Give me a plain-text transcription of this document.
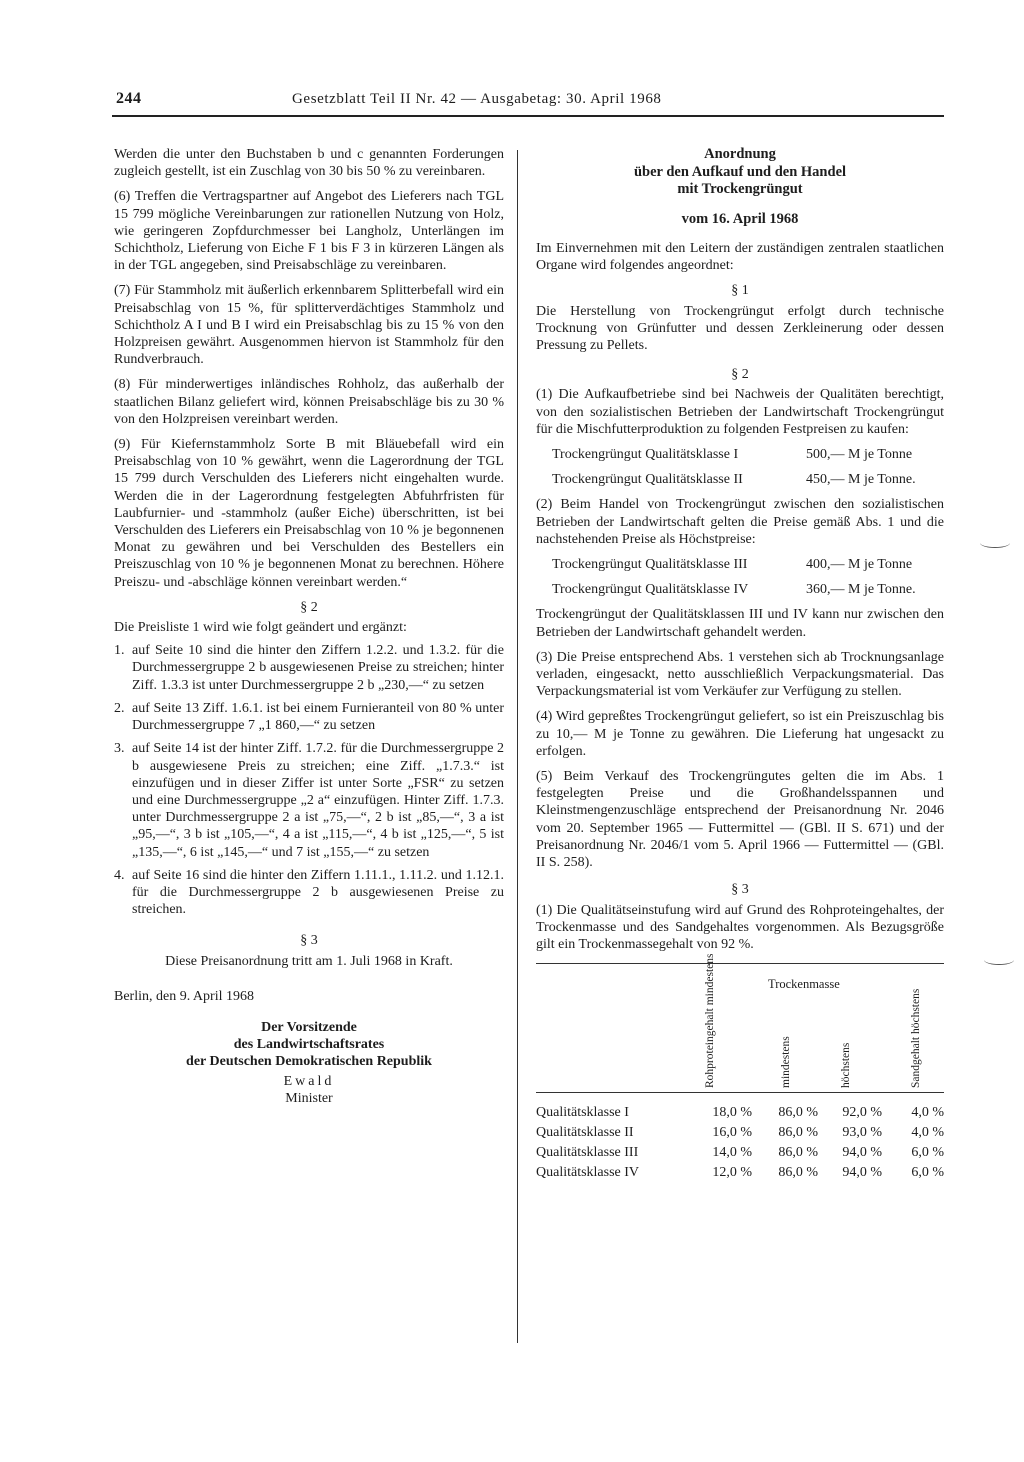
244	Gesetzblatt Teil II Nr. 42 — Ausgabetag: 30. April 1968

Werden die unter den Buchstaben b und c genannten Forderungen zugleich gestellt, ist ein Zuschlag von 30 bis 50 % zu vereinbaren.

(6) Treffen die Vertragspartner auf Angebot des Lieferers nach TGL 15 799 mögliche Vereinbarungen zur rationellen Nutzung von Holz, wie geringeren Zopfdurchmesser bei Langholz, Unterlängen im Schichtholz, Lieferung von Eiche F 1 bis F 3 in kürzeren Längen als in der TGL angegeben, sind Preisabschläge zu vereinbaren.

(7) Für Stammholz mit äußerlich erkennbarem Splitterbefall wird ein Preisabschlag von 15 %, für splitterverdächtiges Stammholz und Schichtholz A I und B I wird ein Preisabschlag bis zu 15 % von den Holzpreisen gewährt. Ausgenommen hiervon ist Stammholz für den Rundverbrauch.

(8) Für minderwertiges inländisches Rohholz, das außerhalb der staatlichen Bilanz geliefert wird, können Preisabschläge bis zu 30 % von den Holzpreisen vereinbart werden.

(9) Für Kiefernstammholz Sorte B mit Bläuebefall wird ein Preisabschlag von 10 % gewährt, wenn die Lagerordnung der TGL 15 799 durch Verschulden des Lieferers nicht eingehalten wurde. Werden die in der Lagerordnung festgelegten Abfuhrfristen für Laubfurnier- und -stammholz (außer Eiche) überschritten, ist bei Verschulden des Lieferers ein Preisabschlag von 10 % je begonnenen Monat zu gewähren und bei Verschulden des Bestellers ein Preiszuschlag von 10 % je begonnenen Monat zu berechnen. Höhere Preiszu- und -abschläge können vereinbart werden.“

§ 2

Die Preisliste 1 wird wie folgt geändert und ergänzt:

1. auf Seite 10 sind die hinter den Ziffern 1.2.2. und 1.3.2. für die Durchmessergruppe 2 b ausgewiesenen Preise zu streichen; hinter Ziff. 1.3.3 ist unter Durchmessergruppe 2 b „230,—“ zu setzen
2. auf Seite 13 Ziff. 1.6.1. ist bei einem Furnieranteil von 80 % unter Durchmessergruppe 7 „1 860,—“ zu setzen
3. auf Seite 14 ist der hinter Ziff. 1.7.2. für die Durchmessergruppe 2 b ausgewiesene Preis zu streichen; eine Ziff. „1.7.3.“ ist einzufügen und in dieser Ziffer ist unter Sorte „FSR“ zu setzen und eine Durchmessergruppe „2 a“ einzufügen. Hinter Ziff. 1.7.3. unter Durchmessergruppe 2 a ist „75,—“, 2 b ist „85,—“, 3 a ist „95,—“, 3 b ist „105,—“, 4 a ist „115,—“, 4 b ist „125,—“, 5 ist „135,—“, 6 ist „145,—“ und 7 ist „155,—“ zu setzen
4. auf Seite 16 sind die hinter den Ziffern 1.11.1., 1.11.2. und 1.12.1. für die Durchmessergruppe 2 b ausgewiesenen Preise zu streichen.

§ 3

Diese Preisanordnung tritt am 1. Juli 1968 in Kraft.

Berlin, den 9. April 1968

Der Vorsitzende

des Landwirtschaftsrates

der Deutschen Demokratischen Republik

Ewald

Minister

Anordnung

über den Aufkauf und den Handel

mit Trockengrüngut

vom 16. April 1968

Im Einvernehmen mit den Leitern der zuständigen zentralen staatlichen Organe wird folgendes angeordnet:

§ 1

Die Herstellung von Trockengrüngut erfolgt durch technische Trocknung von Grünfutter und dessen Zerkleinerung oder dessen Pressung zu Pellets.

§ 2

(1) Die Aufkaufbetriebe sind bei Nachweis der Qualitäten berechtigt, von den sozialistischen Betrieben der Landwirtschaft Trockengrüngut für die Mischfutterproduktion zu folgenden Festpreisen zu kaufen:

Trockengrüngut Qualitätsklasse I	500,— M je Tonne
Trockengrüngut Qualitätsklasse II	450,— M je Tonne.

(2) Beim Handel von Trockengrüngut zwischen den sozialistischen Betrieben der Landwirtschaft gelten die Preise gemäß Abs. 1 und die nachstehenden Preise als Höchstpreise:

Trockengrüngut Qualitätsklasse III	400,— M je Tonne
Trockengrüngut Qualitätsklasse IV	360,— M je Tonne.

Trockengrüngut der Qualitätsklassen III und IV kann nur zwischen den Betrieben der Landwirtschaft gehandelt werden.

(3) Die Preise entsprechend Abs. 1 verstehen sich ab Trocknungsanlage verladen, eingesackt, netto ausschließlich Verpackungsmaterial. Das Verpackungsmaterial ist vom Verkäufer zur Verfügung zu stellen.

(4) Wird gepreßtes Trockengrüngut geliefert, so ist ein Preiszuschlag bis zu 10,— M je Tonne zu gewähren. Die Lieferung hat ungesackt zu erfolgen.

(5) Beim Verkauf des Trockengrüngutes gelten die im Abs. 1 festgelegten Preise und die Großhandelsspannen und Kleinstmengenzuschläge entsprechend der Preisanordnung Nr. 2046 vom 20. September 1965 — Futtermittel — (GBl. II S. 671) und der Preisanordnung Nr. 2046/1 vom 5. April 1966 — Futtermittel — (GBl. II S. 258).

§ 3

(1) Die Qualitätseinstufung wird auf Grund des Rohproteingehaltes, der Trockenmasse und des Sandgehaltes vorgenommen. Als Bezugsgröße gilt ein Trockenmassegehalt von 92 %.

Trockenmasse
Rohproteingehalt mindestens	mindestens	höchstens	Sandgehalt höchstens
Qualitätsklasse I	18,0 %	86,0 %	92,0 %	4,0 %
Qualitätsklasse II	16,0 %	86,0 %	93,0 %	4,0 %
Qualitätsklasse III	14,0 %	86,0 %	94,0 %	6,0 %
Qualitätsklasse IV	12,0 %	86,0 %	94,0 %	6,0 %
